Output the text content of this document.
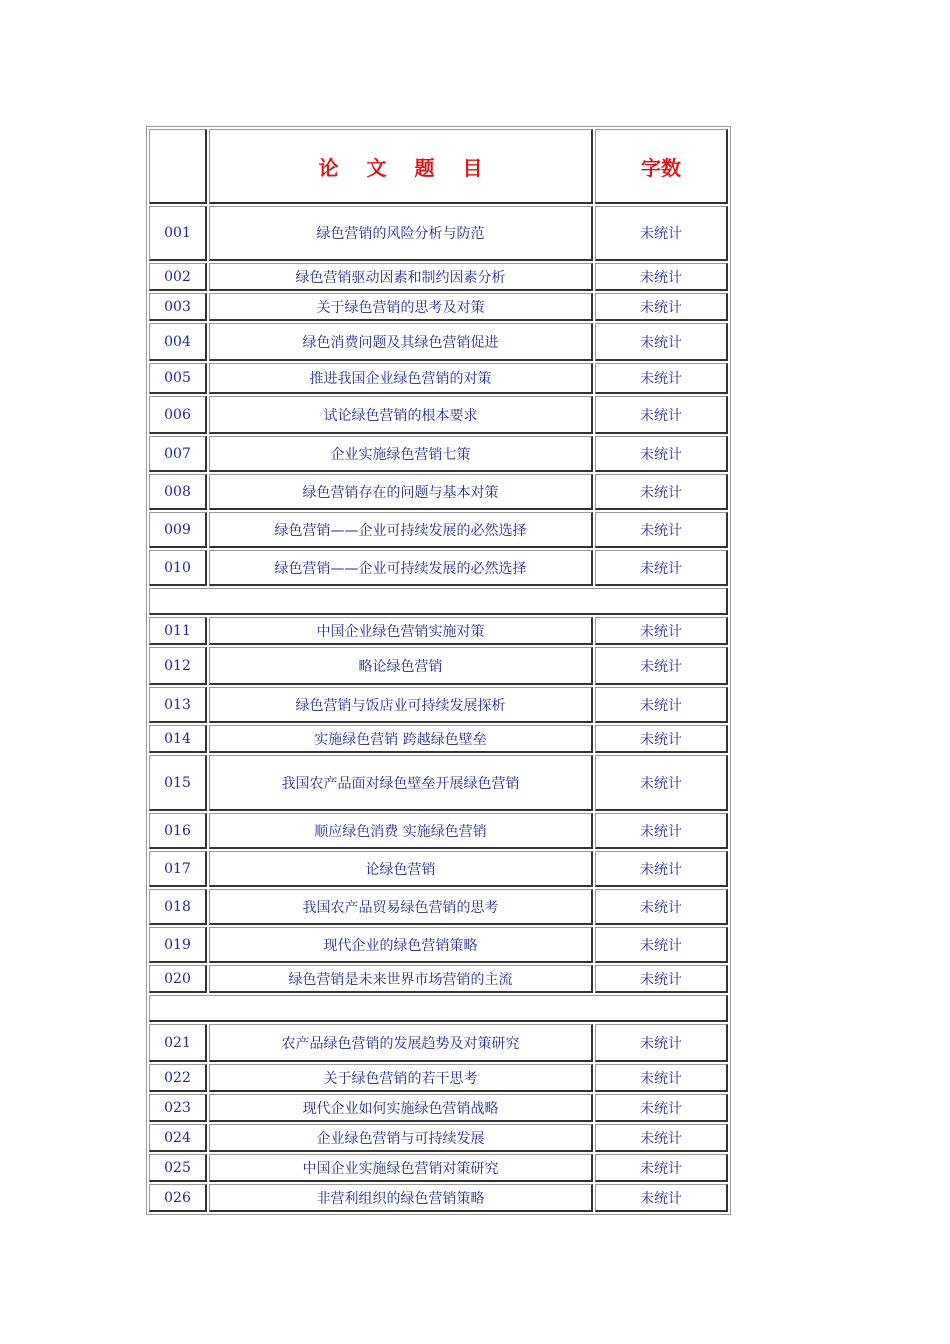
	论 文 题 目	字数
001	绿色营销的风险分析与防范	未统计
002	绿色营销驱动因素和制约因素分析	未统计
003	关于绿色营销的思考及对策	未统计
004	绿色消费问题及其绿色营销促进	未统计
005	推进我国企业绿色营销的对策	未统计
006	试论绿色营销的根本要求	未统计
007	企业实施绿色营销七策	未统计
008	绿色营销存在的问题与基本对策	未统计
009	绿色营销——企业可持续发展的必然选择	未统计
010	绿色营销——企业可持续发展的必然选择	未统计

011	中国企业绿色营销实施对策	未统计
012	略论绿色营销	未统计
013	绿色营销与饭店业可持续发展探析	未统计
014	实施绿色营销 跨越绿色壁垒	未统计
015	我国农产品面对绿色壁垒开展绿色营销	未统计
016	顺应绿色消费 实施绿色营销	未统计
017	论绿色营销	未统计
018	我国农产品贸易绿色营销的思考	未统计
019	现代企业的绿色营销策略	未统计
020	绿色营销是未来世界市场营销的主流	未统计

021	农产品绿色营销的发展趋势及对策研究	未统计
022	关于绿色营销的若干思考	未统计
023	现代企业如何实施绿色营销战略	未统计
024	企业绿色营销与可持续发展	未统计
025	中国企业实施绿色营销对策研究	未统计
026	非营利组织的绿色营销策略	未统计
